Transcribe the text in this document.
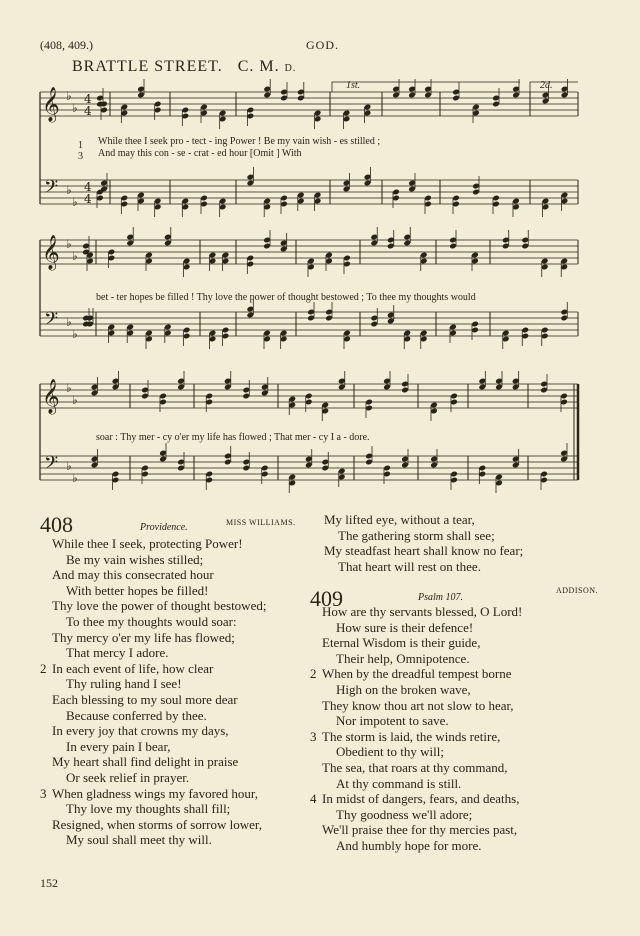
(408, 409.)	GOD.
BRATTLE STREET. C. M. D.
𝄞
𝄢
♭
♭
♭
♭
4
4
4
4
𝄞
𝄢
♭
♭
♭
♭
𝄞
𝄢
♭
♭
♭
♭
1st.	2d.
1
3
While thee I seek pro - tect - ing Power ! Be my vain wish - es stilled ;
And may this con - se - crat - ed hour [Omit ] With
bet - ter hopes be filled ! Thy love the power of thought bestowed ; To thee my thoughts would
soar : Thy mer - cy o'er my life has flowed ; That mer - cy I a - dore.
408	Providence.	MISS WILLIAMS.
While thee I seek, protecting Power!
Be my vain wishes stilled;
And may this consecrated hour
With better hopes be filled!
Thy love the power of thought bestowed;
To thee my thoughts would soar:
Thy mercy o'er my life has flowed;
That mercy I adore.
2 In each event of life, how clear
Thy ruling hand I see!
Each blessing to my soul more dear
Because conferred by thee.
In every joy that crowns my days,
In every pain I bear,
My heart shall find delight in praise
Or seek relief in prayer.
3 When gladness wings my favored hour,
Thy love my thoughts shall fill;
Resigned, when storms of sorrow lower,
My soul shall meet thy will.
My lifted eye, without a tear,
The gathering storm shall see;
My steadfast heart shall know no fear;
That heart will rest on thee.
409	Psalm 107.
ADDISON.
How are thy servants blessed, O Lord!
How sure is their defence!
Eternal Wisdom is their guide,
Their help, Omnipotence.
2 When by the dreadful tempest borne
High on the broken wave,
They know thou art not slow to hear,
Nor impotent to save.
3 The storm is laid, the winds retire,
Obedient to thy will;
The sea, that roars at thy command,
At thy command is still.
4 In midst of dangers, fears, and deaths,
Thy goodness we'll adore;
We'll praise thee for thy mercies past,
And humbly hope for more.
152
